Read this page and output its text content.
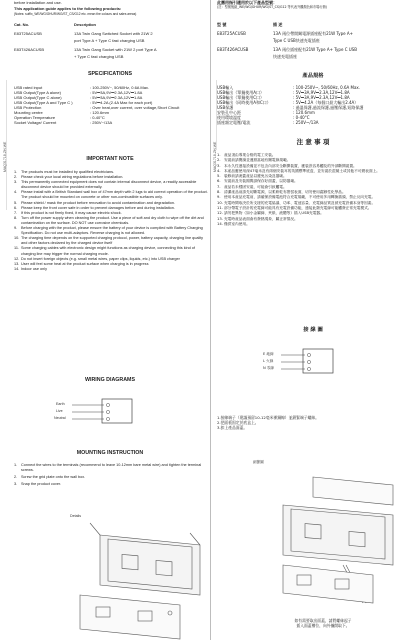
before installation and use.
This application guide applies to the following products:
(Notes: suffix_WE/WG/GHUR/WG/ST_CS/G12 etc. mean the colours and sales areas)
Cat. No.	Description
E83T25ACUSB	13A Twin Gang Switched Socket with 21W 2
port Type A + Type C fast charging USB
E83T426ACUSB	13A Twin Gang Socket with 21W 2 port Type A
+ Type C fast charging USB
SPECIFICATIONS
USB rated input	: 100-250V~, 50/60Hz, 0.6A Max.
USB Output(Type A alone)	: 5V⎓3A,9V⎓2.3A,12V⎓1.8A
USB Output(Type C alone)	: 5V⎓3A,9V⎓2.3A,12V⎓1.8A
USB Output(Type A and Type C )	: 5V⎓4.2A (2.4A Max for each port)
USB Protection	: Over heat,over current, over voltage,Short Circuit
Mounting centre	: 120.6mm
Operation Temperature	: 0-40°C
Socket Voltage/ Current	: 250V~/13A
IMPORTANT NOTE
1.	The products must be installed by qualified electricians.
2.	Please check your local wiring regulations before installation.
3.	This permanently connected equipment does not contain internal disconnect device, a readily accessible disconnect device should be provided externally.
4.	Please install with a British Standard wall box of 47mm depth with 2 lugs to aid correct operation of the product. The product should be mounted on concrete or other non-combustible surfaces only.
5.	Please shield / mask the product before renovation to avoid contamination and degradation.
6.	Please keep the front cover safe in order to prevent damages before and during installation.
7.	If this product is not firmly fixed, it may cause electric shock.
8.	Turn off the power supply when cleaning the product. Use a piece of soft and dry cloth to wipe off the dirt and contamination on the surface. DO NOT use corrosive chemicals.
9.	Before charging with the product, please ensure the battery of your device is complied with Battery Charging Specification. Do not use multi-adaptors. Reverse charging is not allowed.
10. The charging time depends on the supported charging protocol, power, battery capacity, charging line quality and other factors declared by the charged device itself
11. Some charging cables with electronic design might functions as charging device, connecting this kind of charging line may trigger the normal charging mode.
12. Do not insert foreign objects (e.g. small metal wires, paper clips, liquids, etc.) into USB charger
13. User will feel some heat at the product surface when charging is in progress
14. Indoor use only
WIRING DIAGRAMS
Earth
Live
Neutral
MOUNTING INSTRUCTION
1.	Connect the wires to the terminals (recommend to leave 10-12mm bare metal wire) and tighten the terminal screws.
2.	Screw the grid plate onto the wall box.
3.	Snap the product cover.
Details
MAQ31718-ZH-WE	MAQ31718-ZH-WE
此應用指引適用於以下產品型號：
(註：型號後綴_WE/WG/GHUR/WG/ST_CS/G12 等代表外觀顏色和市場行銷)
型 號	描 述
E83T25ACUSB	13A 兩位帶開關電源插座配有21W Type A+
Type C USB快速充電插座
E83T426ACUSB	13A 兩位插座配有21W Type A+ Type C USB
快速充電插座
產品規格
USB輸入	: 100-250V~, 50/60Hz, 0.6A Max.
USB輸出（單獨使用A口）	: 5V⎓3A,9V⎓2.3A,12V⎓1.8A
USB輸出（單獨使用C口）	: 5V⎓3A,9V⎓2.3A,12V⎓1.8A
USB輸出（同時使用A和C口）	: 5V⎓4.2A（每個口最大輸出2.4A）
USB保護	: 過溫保護,過流保護,過壓保護,短路保護
安裝孔中心距	: 120.6mm
使用環境溫度	: 0-40°C
插座額定電壓/電流	: 250V~/13A
注 意 事 項
1. 產品須由專業合格的電工安裝。
2. 安裝前請閱讀並遵照當地有關電線規範。
3. 本永久性連接設備並不包含內部安全斷開裝置，應裝設容易觸及的外部斷開裝置。
4. 本產品應使用深47毫米及有兩個安裝耳的英國標準底盒，並安裝於混凝土或其他不可燃表面上。
5. 裝修前請遮蓋產品以避免污染及損壞。
6. 安裝前及安裝期間請保存好面蓋，以防損壞。
7. 產品若未穩固安裝，可能會引致觸電。
8. 清潔產品前請先切斷電源，以柔軟乾布擦拭表面，切勿使用腐蝕性化學品。
9. 使用本產品充電前，請確保設備電池符合充電規範，不可使用多用轉換插頭，禁止反向充電。
10. 充電時間取決於所支援的充電協議、功率、電池容量、充電線品質及被充電設備本身等因素。
11. 部分帶電子設計的充電線可能具有充電設備功能，連接此類充電線可能觸發正常充電模式。
12. 請勿把異物（如小金屬線、夾紙、液體等）插入USB充電器。
13. 充電時產品表面會有發熱現象，屬正常情況。
14. 僅供室內使用。
接 線 圖
E 地線
L 火線
N 零線
1.接線端子（建議預留10-12毫米裸銅線）並鎖緊端子螺絲。
2.把面板固定於底盒上。
3.扣上產品面蓋。
細節圖
如有需要取出面蓋，請將螺絲起子
插入面蓋槽位，向外撬開取下。
